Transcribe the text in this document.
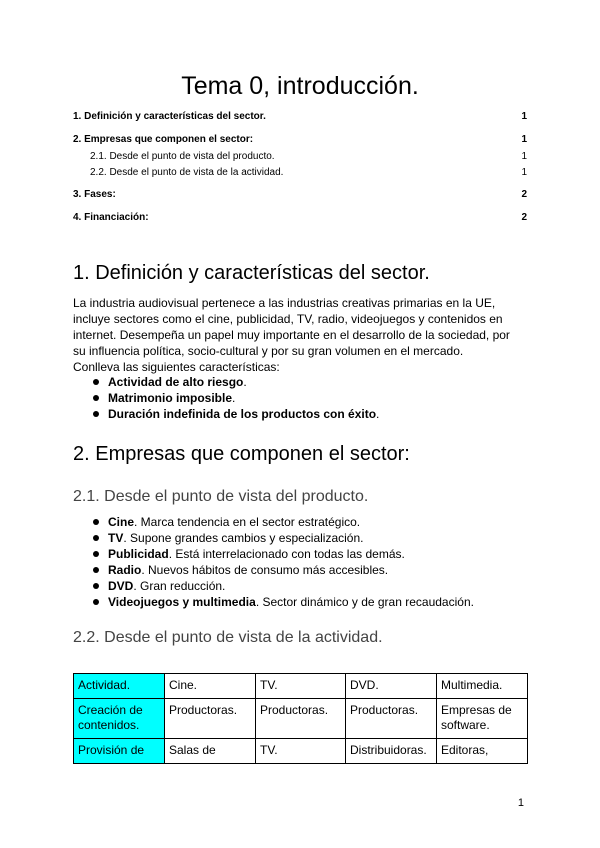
Tema 0, introducción.
1. Definición y características del sector.	1
2. Empresas que componen el sector:	1
2.1. Desde el punto de vista del producto.	1
2.2. Desde el punto de vista de la actividad.	1
3. Fases:	2
4. Financiación:	2
1. Definición y características del sector.
La industria audiovisual pertenece a las industrias creativas primarias en la UE,
incluye sectores como el cine, publicidad, TV, radio, videojuegos y contenidos en
internet. Desempeña un papel muy importante en el desarrollo de la sociedad, por
su influencia política, socio-cultural y por su gran volumen en el mercado.
Conlleva las siguientes características:
Actividad de alto riesgo.
Matrimonio imposible.
Duración indefinida de los productos con éxito.
2. Empresas que componen el sector:
2.1. Desde el punto de vista del producto.
Cine. Marca tendencia en el sector estratégico.
TV. Supone grandes cambios y especialización.
Publicidad. Está interrelacionado con todas las demás.
Radio. Nuevos hábitos de consumo más accesibles.
DVD. Gran reducción.
Videojuegos y multimedia. Sector dinámico y de gran recaudación.
2.2. Desde el punto de vista de la actividad.
Actividad.	Cine.	TV.	DVD.	Multimedia.
Creación de contenidos.	Productoras.	Productoras.	Productoras.	Empresas de software.
Provisión de	Salas de	TV.	Distribuidoras.	Editoras,
1
